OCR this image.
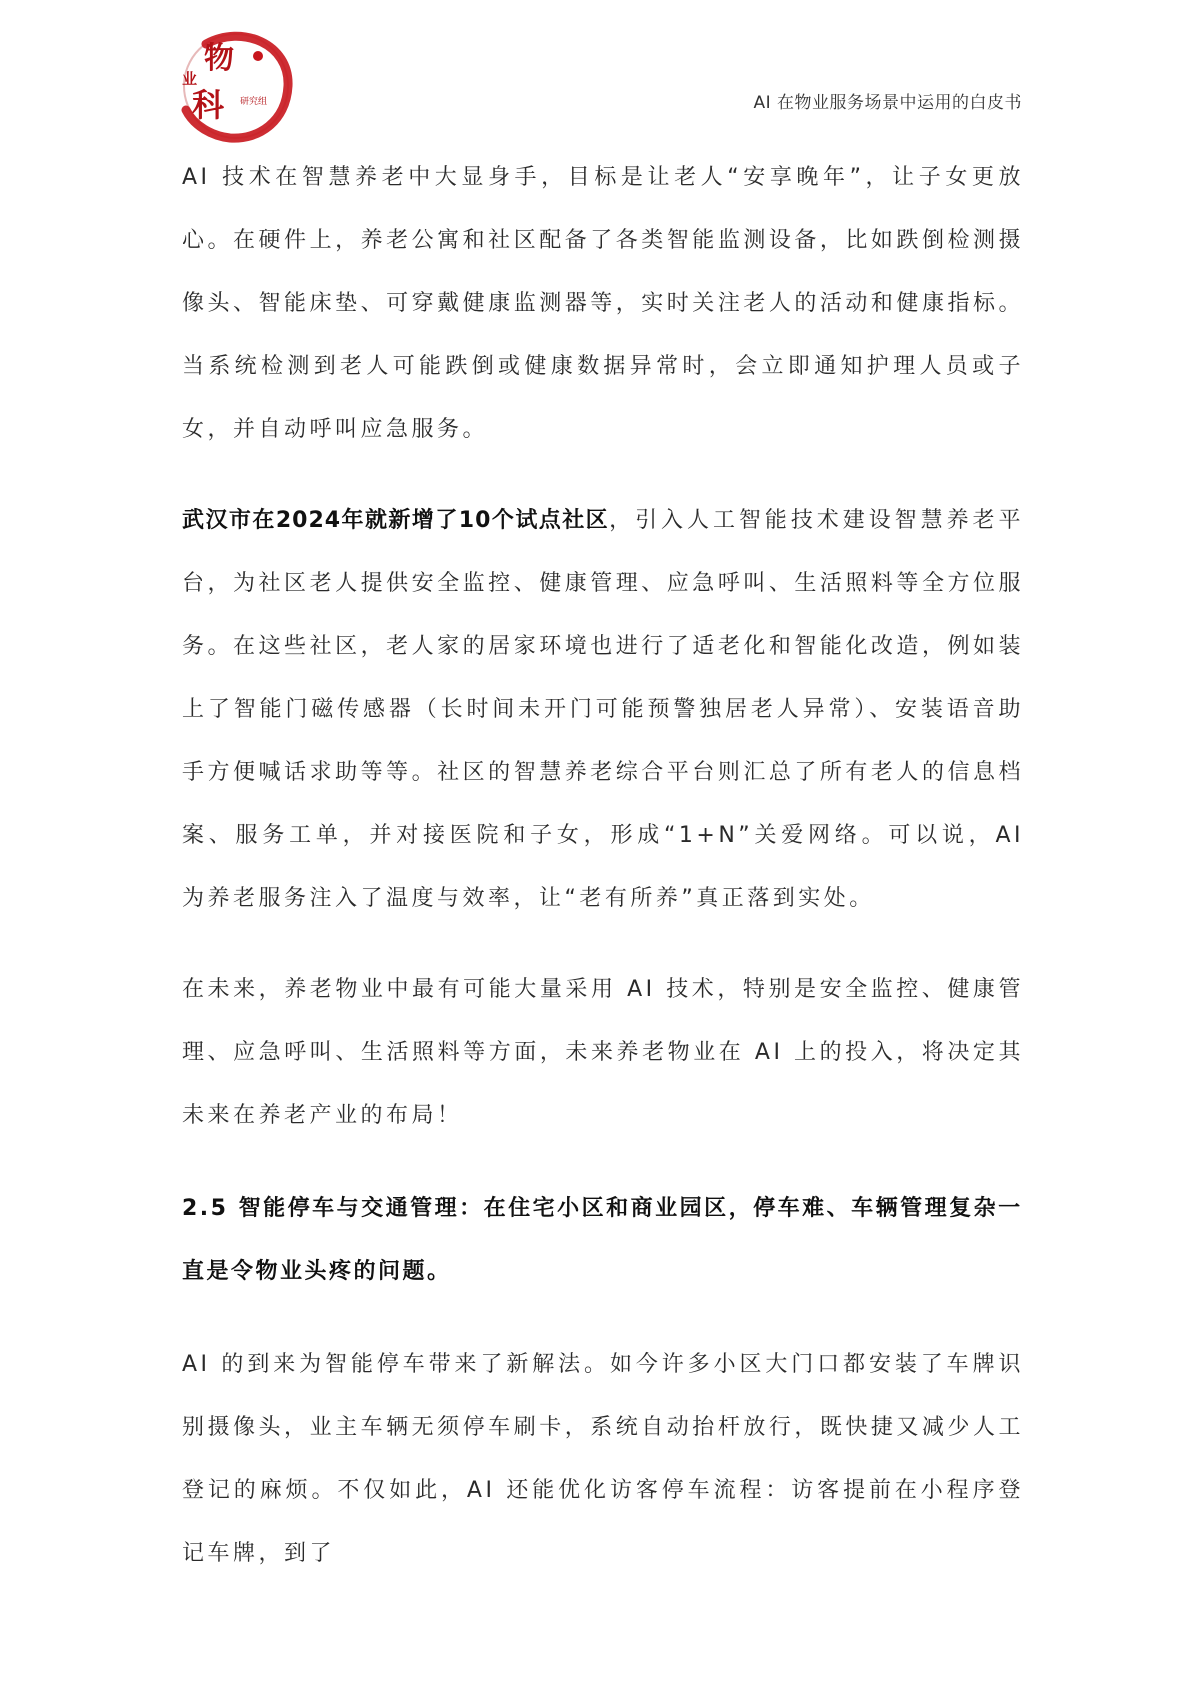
物
业
科 研究组	AI 在物业服务场景中运用的白皮书

AI 技术在智慧养老中大显身手，目标是让老人“安享晚年”，让子女更放心。在硬件上，养老公寓和社区配备了各类智能监测设备，比如跌倒检测摄像头、智能床垫、可穿戴健康监测器等，实时关注老人的活动和健康指标。当系统检测到老人可能跌倒或健康数据异常时，会立即通知护理人员或子女，并自动呼叫应急服务。

武汉市在2024年就新增了10个试点社区，引入人工智能技术建设智慧养老平台，为社区老人提供安全监控、健康管理、应急呼叫、生活照料等全方位服务。在这些社区，老人家的居家环境也进行了适老化和智能化改造，例如装上了智能门磁传感器（长时间未开门可能预警独居老人异常）、安装语音助手方便喊话求助等等。社区的智慧养老综合平台则汇总了所有老人的信息档案、服务工单，并对接医院和子女，形成“1+N”关爱网络。可以说，AI 为养老服务注入了温度与效率，让“老有所养”真正落到实处。

在未来，养老物业中最有可能大量采用 AI 技术，特别是安全监控、健康管理、应急呼叫、生活照料等方面，未来养老物业在 AI 上的投入，将决定其未来在养老产业的布局！

2.5 智能停车与交通管理：在住宅小区和商业园区，停车难、车辆管理复杂一直是令物业头疼的问题。

AI 的到来为智能停车带来了新解法。如今许多小区大门口都安装了车牌识别摄像头，业主车辆无须停车刷卡，系统自动抬杆放行，既快捷又减少人工登记的麻烦。不仅如此，AI 还能优化访客停车流程：访客提前在小程序登记车牌，到了
